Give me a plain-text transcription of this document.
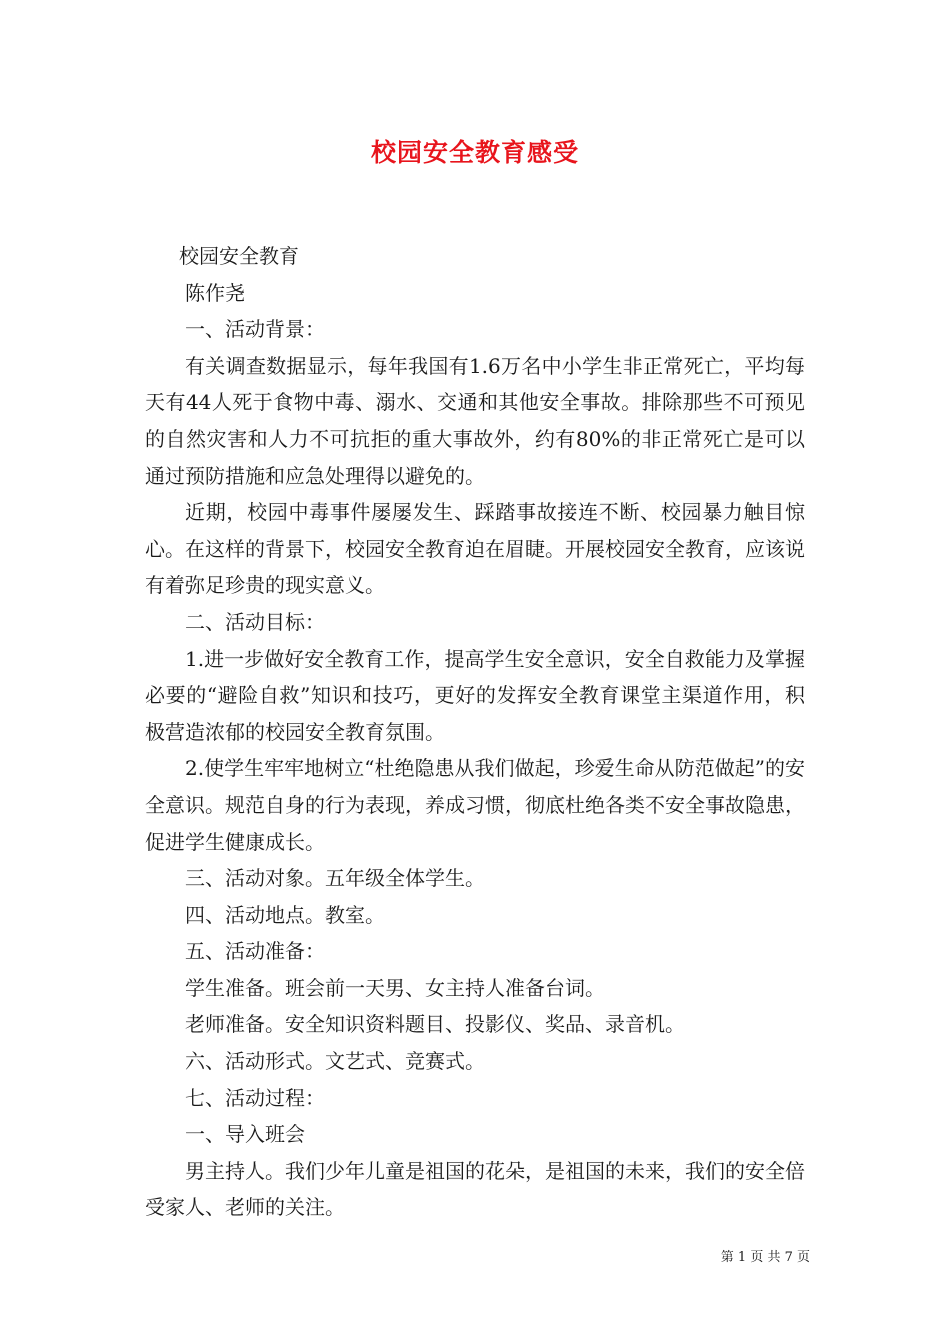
校园安全教育感受

校园安全教育

陈作尧

一、活动背景：

有关调查数据显示，每年我国有1.6万名中小学生非正常死亡，平均每天有44人死于食物中毒、溺水、交通和其他安全事故。排除那些不可预见的自然灾害和人力不可抗拒的重大事故外，约有80%的非正常死亡是可以通过预防措施和应急处理得以避免的。

近期，校园中毒事件屡屡发生、踩踏事故接连不断、校园暴力触目惊心。在这样的背景下，校园安全教育迫在眉睫。开展校园安全教育，应该说有着弥足珍贵的现实意义。

二、活动目标：

1.进一步做好安全教育工作，提高学生安全意识，安全自救能力及掌握必要的“避险自救”知识和技巧，更好的发挥安全教育课堂主渠道作用，积极营造浓郁的校园安全教育氛围。

2.使学生牢牢地树立“杜绝隐患从我们做起，珍爱生命从防范做起”的安全意识。规范自身的行为表现，养成习惯，彻底杜绝各类不安全事故隐患，促进学生健康成长。

三、活动对象。五年级全体学生。

四、活动地点。教室。

五、活动准备：

学生准备。班会前一天男、女主持人准备台词。

老师准备。安全知识资料题目、投影仪、奖品、录音机。

六、活动形式。文艺式、竞赛式。

七、活动过程：

一、导入班会

男主持人。我们少年儿童是祖国的花朵，是祖国的未来，我们的安全倍受家人、老师的关注。

第 1 页 共 7 页
